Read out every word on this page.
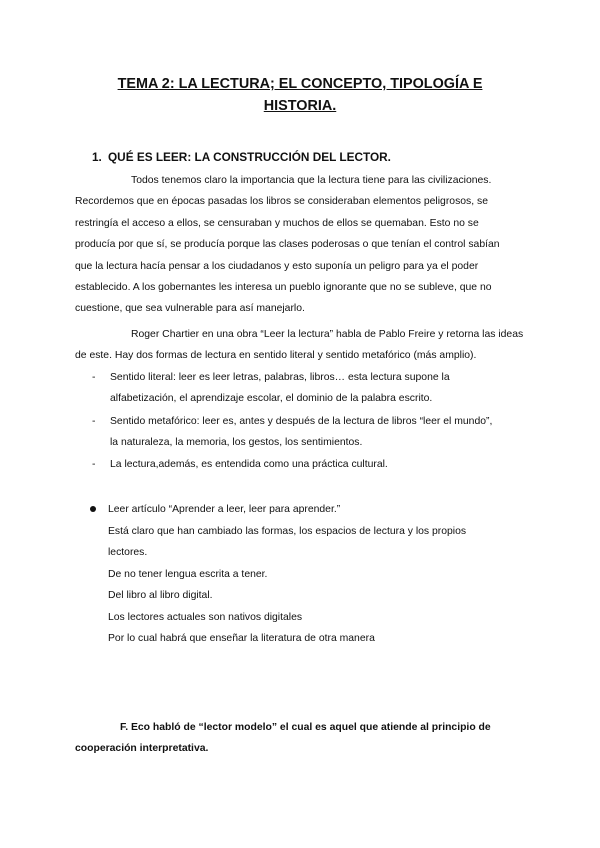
TEMA 2: LA LECTURA; EL CONCEPTO, TIPOLOGÍA E
HISTORIA.
1. QUÉ ES LEER: LA CONSTRUCCIÓN DEL LECTOR.
Todos tenemos claro la importancia que la lectura tiene para las civilizaciones.
Recordemos que en épocas pasadas los libros se consideraban elementos peligrosos, se
restringía el acceso a ellos, se censuraban y muchos de ellos se quemaban. Esto no se
producía por que sí, se producía porque las clases poderosas o que tenían el control sabían
que la lectura hacía pensar a los ciudadanos y esto suponía un peligro para ya el poder
establecido. A los gobernantes les interesa un pueblo ignorante que no se subleve, que no
cuestione, que sea vulnerable para así manejarlo.
Roger Chartier en una obra “Leer la lectura” habla de Pablo Freire y retorna las ideas
de este. Hay dos formas de lectura en sentido literal y sentido metafórico (más amplio).
-	Sentido literal: leer es leer letras, palabras, libros… esta lectura supone la
alfabetización, el aprendizaje escolar, el dominio de la palabra escrito.
-	Sentido metafórico: leer es, antes y después de la lectura de libros “leer el mundo”,
la naturaleza, la memoria, los gestos, los sentimientos.
-	La lectura,además, es entendida como una práctica cultural.
Leer artículo “Aprender a leer, leer para aprender.”
Está claro que han cambiado las formas, los espacios de lectura y los propios
lectores.
De no tener lengua escrita a tener.
Del libro al libro digital.
Los lectores actuales son nativos digitales
Por lo cual habrá que enseñar la literatura de otra manera
F. Eco habló de “lector modelo” el cual es aquel que atiende al principio de
cooperación interpretativa.
